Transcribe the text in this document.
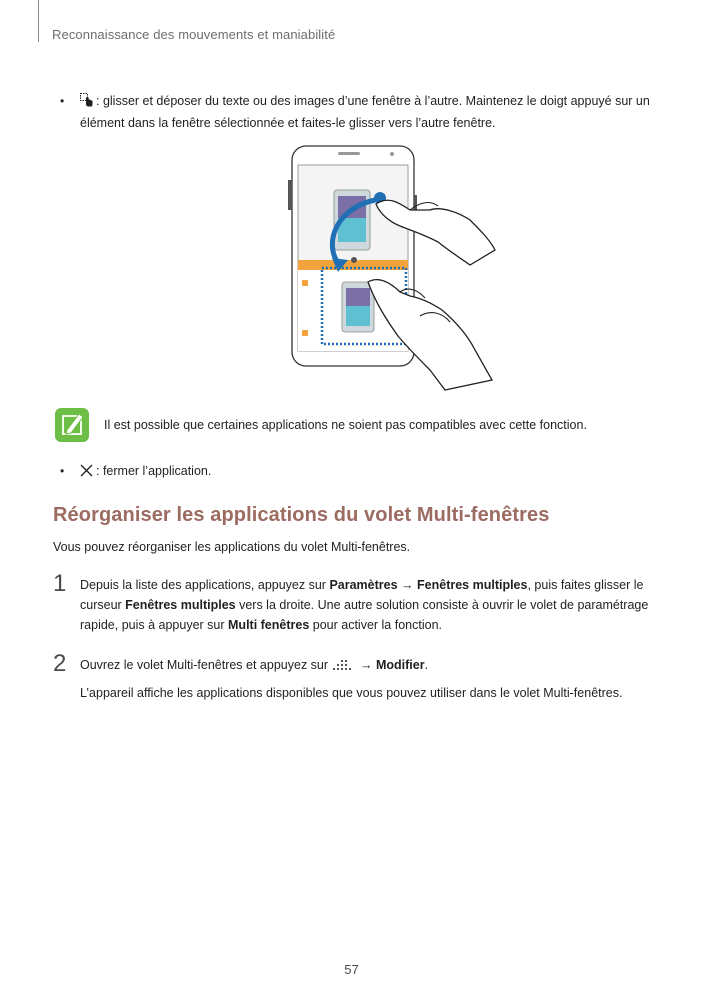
Reconnaissance des mouvements et maniabilité
•	: glisser et déposer du texte ou des images d’une fenêtre à l’autre. Maintenez le doigt appuyé sur un élément dans la fenêtre sélectionnée et faites-le glisser vers l’autre fenêtre.
Il est possible que certaines applications ne soient pas compatibles avec cette fonction.
•	: fermer l’application.
Réorganiser les applications du volet Multi-fenêtres
Vous pouvez réorganiser les applications du volet Multi-fenêtres.
1 Depuis la liste des applications, appuyez sur Paramètres → Fenêtres multiples, puis faites glisser le curseur Fenêtres multiples vers la droite. Une autre solution consiste à ouvrir le volet de paramétrage rapide, puis à appuyer sur Multi fenêtres pour activer la fonction.
2 Ouvrez le volet Multi-fenêtres et appuyez sur  → Modifier.
L’appareil affiche les applications disponibles que vous pouvez utiliser dans le volet Multi-fenêtres.
57
